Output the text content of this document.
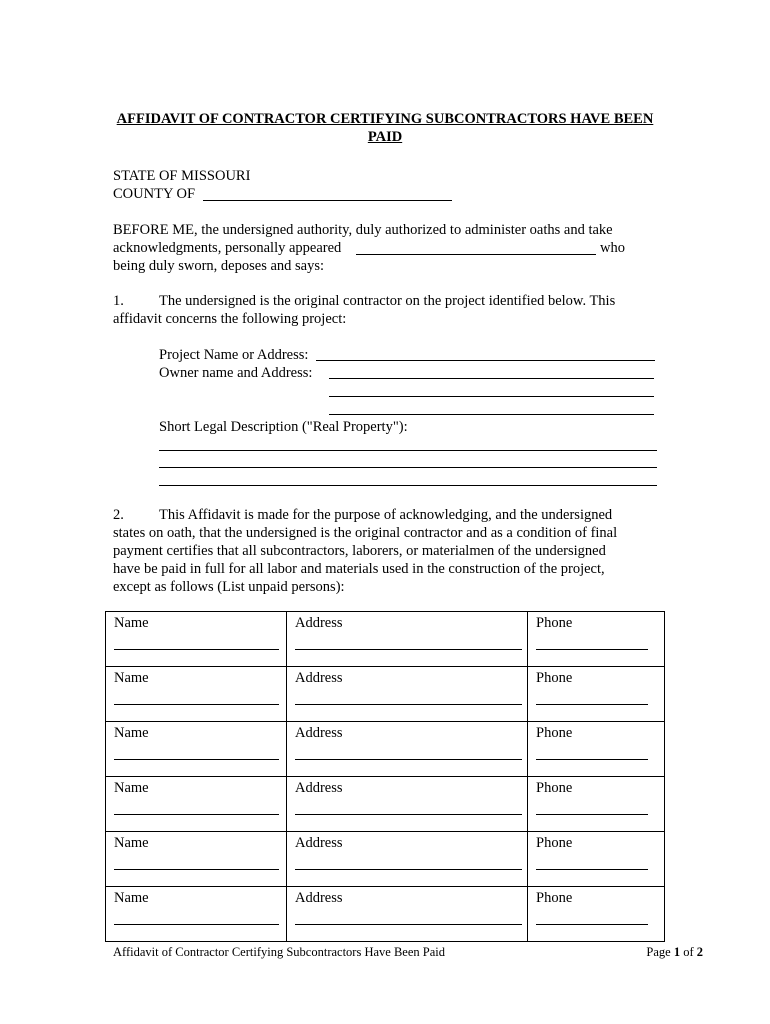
AFFIDAVIT OF CONTRACTOR CERTIFYING SUBCONTRACTORS HAVE BEEN PAID
STATE OF MISSOURI
COUNTY OF
BEFORE ME, the undersigned authority, duly authorized to administer oaths and take
acknowledgments, personally appeared	who
being duly sworn, deposes and says:
1. The undersigned is the original contractor on the project identified below. This
affidavit concerns the following project:
Project Name or Address:
Owner name and Address:
Short Legal Description ("Real Property"):
2. This Affidavit is made for the purpose of acknowledging, and the undersigned
states on oath, that the undersigned is the original contractor and as a condition of final
payment certifies that all subcontractors, laborers, or materialmen of the undersigned
have be paid in full for all labor and materials used in the construction of the project,
except as follows (List unpaid persons):
Name	Address	Phone

Name	Address	Phone

Name	Address	Phone

Name	Address	Phone

Name	Address	Phone

Name	Address	Phone
Affidavit of Contractor Certifying Subcontractors Have Been Paid	Page 1 of 2
